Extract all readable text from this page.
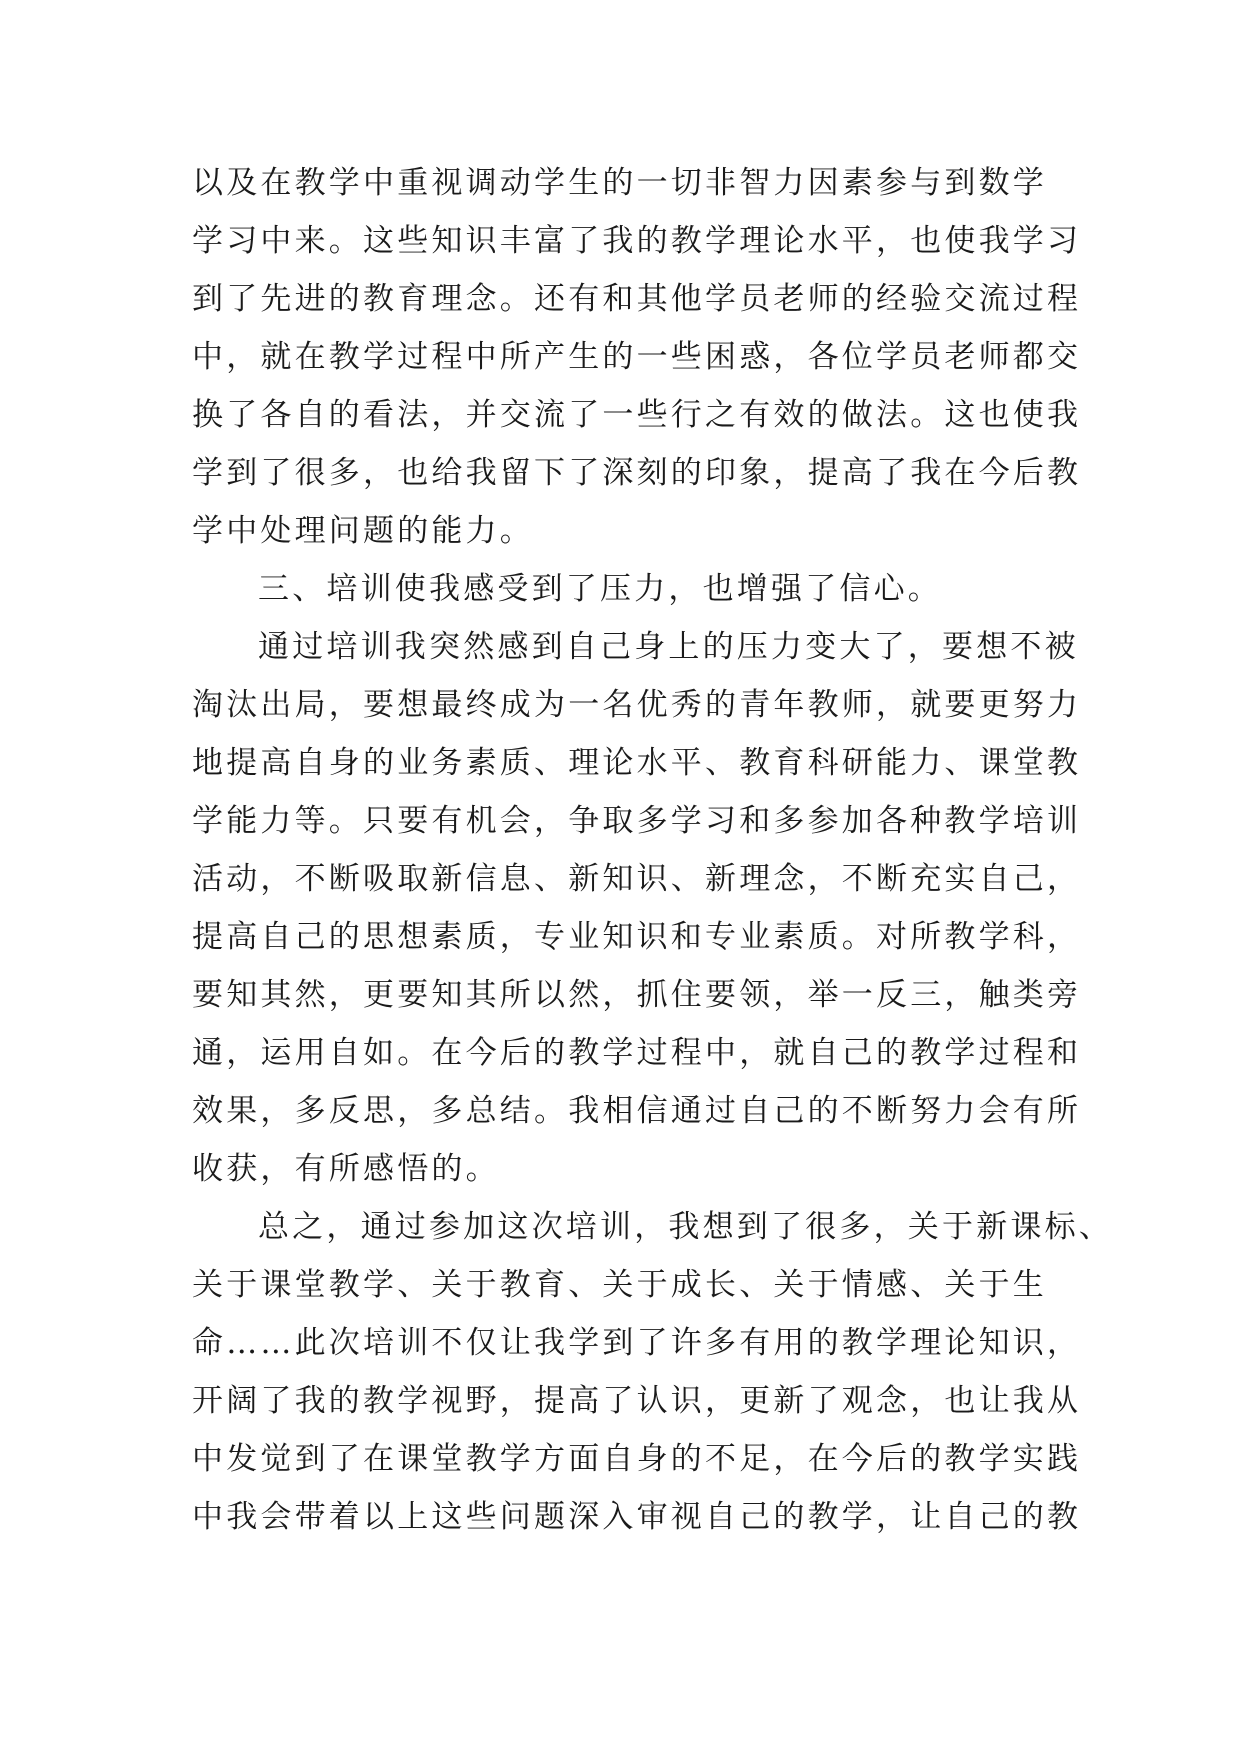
以及在教学中重视调动学生的一切非智力因素参与到数学
学习中来。这些知识丰富了我的教学理论水平，也使我学习
到了先进的教育理念。还有和其他学员老师的经验交流过程
中，就在教学过程中所产生的一些困惑，各位学员老师都交
换了各自的看法，并交流了一些行之有效的做法。这也使我
学到了很多，也给我留下了深刻的印象，提高了我在今后教
学中处理问题的能力。
三、培训使我感受到了压力，也增强了信心。
通过培训我突然感到自己身上的压力变大了，要想不被
淘汰出局，要想最终成为一名优秀的青年教师，就要更努力
地提高自身的业务素质、理论水平、教育科研能力、课堂教
学能力等。只要有机会，争取多学习和多参加各种教学培训
活动，不断吸取新信息、新知识、新理念，不断充实自己，
提高自己的思想素质，专业知识和专业素质。对所教学科，
要知其然，更要知其所以然，抓住要领，举一反三，触类旁
通，运用自如。在今后的教学过程中，就自己的教学过程和
效果，多反思，多总结。我相信通过自己的不断努力会有所
收获，有所感悟的。
总之，通过参加这次培训，我想到了很多，关于新课标、
关于课堂教学、关于教育、关于成长、关于情感、关于生
命……此次培训不仅让我学到了许多有用的教学理论知识，
开阔了我的教学视野，提高了认识，更新了观念，也让我从
中发觉到了在课堂教学方面自身的不足，在今后的教学实践
中我会带着以上这些问题深入审视自己的教学，让自己的教
